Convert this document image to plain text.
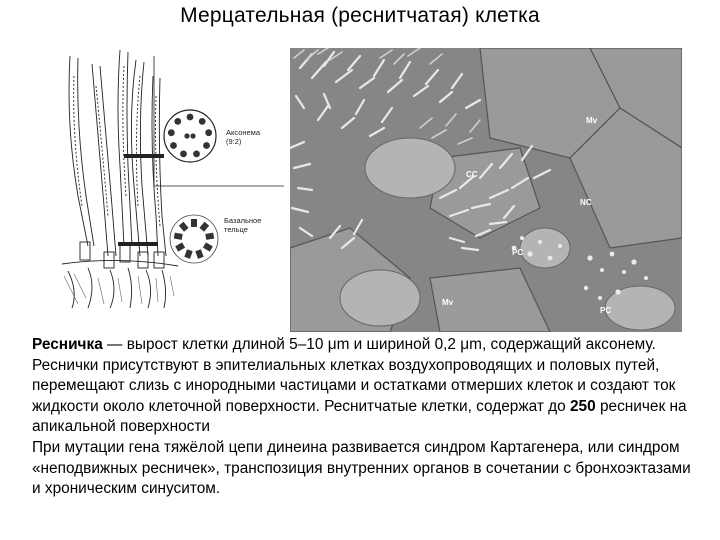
Мерцательная (реснитчатая) клетка
Аксонема
(9:2)
Базальное
тельце
Mv
CC
NC
PC
Mv
PC

Ресничка — вырост клетки длиной 5–10 μm и шириной 0,2 μm, содержащий аксонему. Реснички присутствуют в эпителиальных клетках воздухопроводящих и половых путей, перемещают слизь с инородными частицами и остатками отмерших клеток и создают ток жидкости около клеточной поверхности. Реснитчатые клетки, содержат до 250 ресничек на апикальной поверхности

При мутации гена тяжёлой цепи динеина развивается синдром Картагенера, или синдром «неподвижных ресничек», транспозиция внутренних органов в сочетании с бронхоэктазами и хроническим синуситом.
